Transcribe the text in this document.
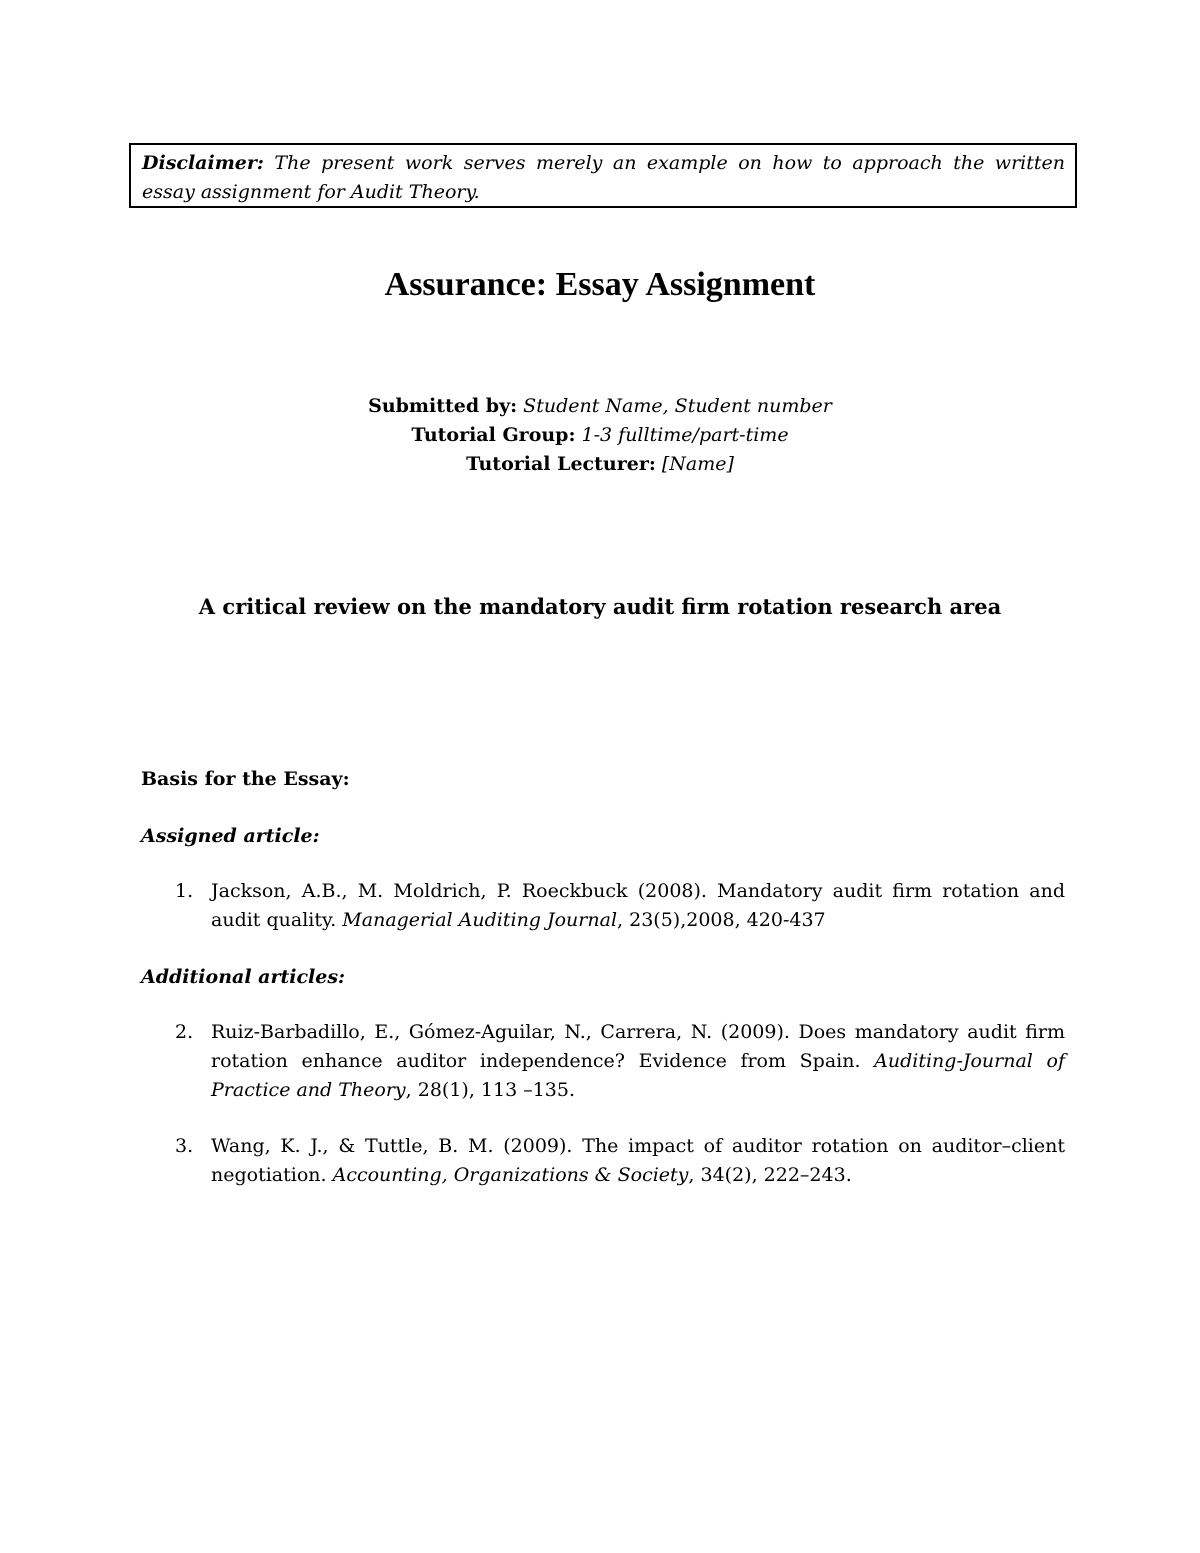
Disclaimer: The present work serves merely an example on how to approach the written essay assignment for Audit Theory.
Assurance: Essay Assignment
Submitted by: Student Name, Student number
Tutorial Group: 1-3 fulltime/part-time
Tutorial Lecturer: [Name]
A critical review on the mandatory audit firm rotation research area
Basis for the Essay:
Assigned article:
1. Jackson, A.B., M. Moldrich, P. Roeckbuck (2008). Mandatory audit firm rotation and audit quality. Managerial Auditing Journal, 23(5),2008, 420-437
Additional articles:
2. Ruiz-Barbadillo, E., Gómez-Aguilar, N., Carrera, N. (2009). Does mandatory audit firm rotation enhance auditor independence? Evidence from Spain. Auditing-Journal of Practice and Theory, 28(1), 113 –135.
3. Wang, K. J., & Tuttle, B. M. (2009). The impact of auditor rotation on auditor–client negotiation. Accounting, Organizations & Society, 34(2), 222–243.
